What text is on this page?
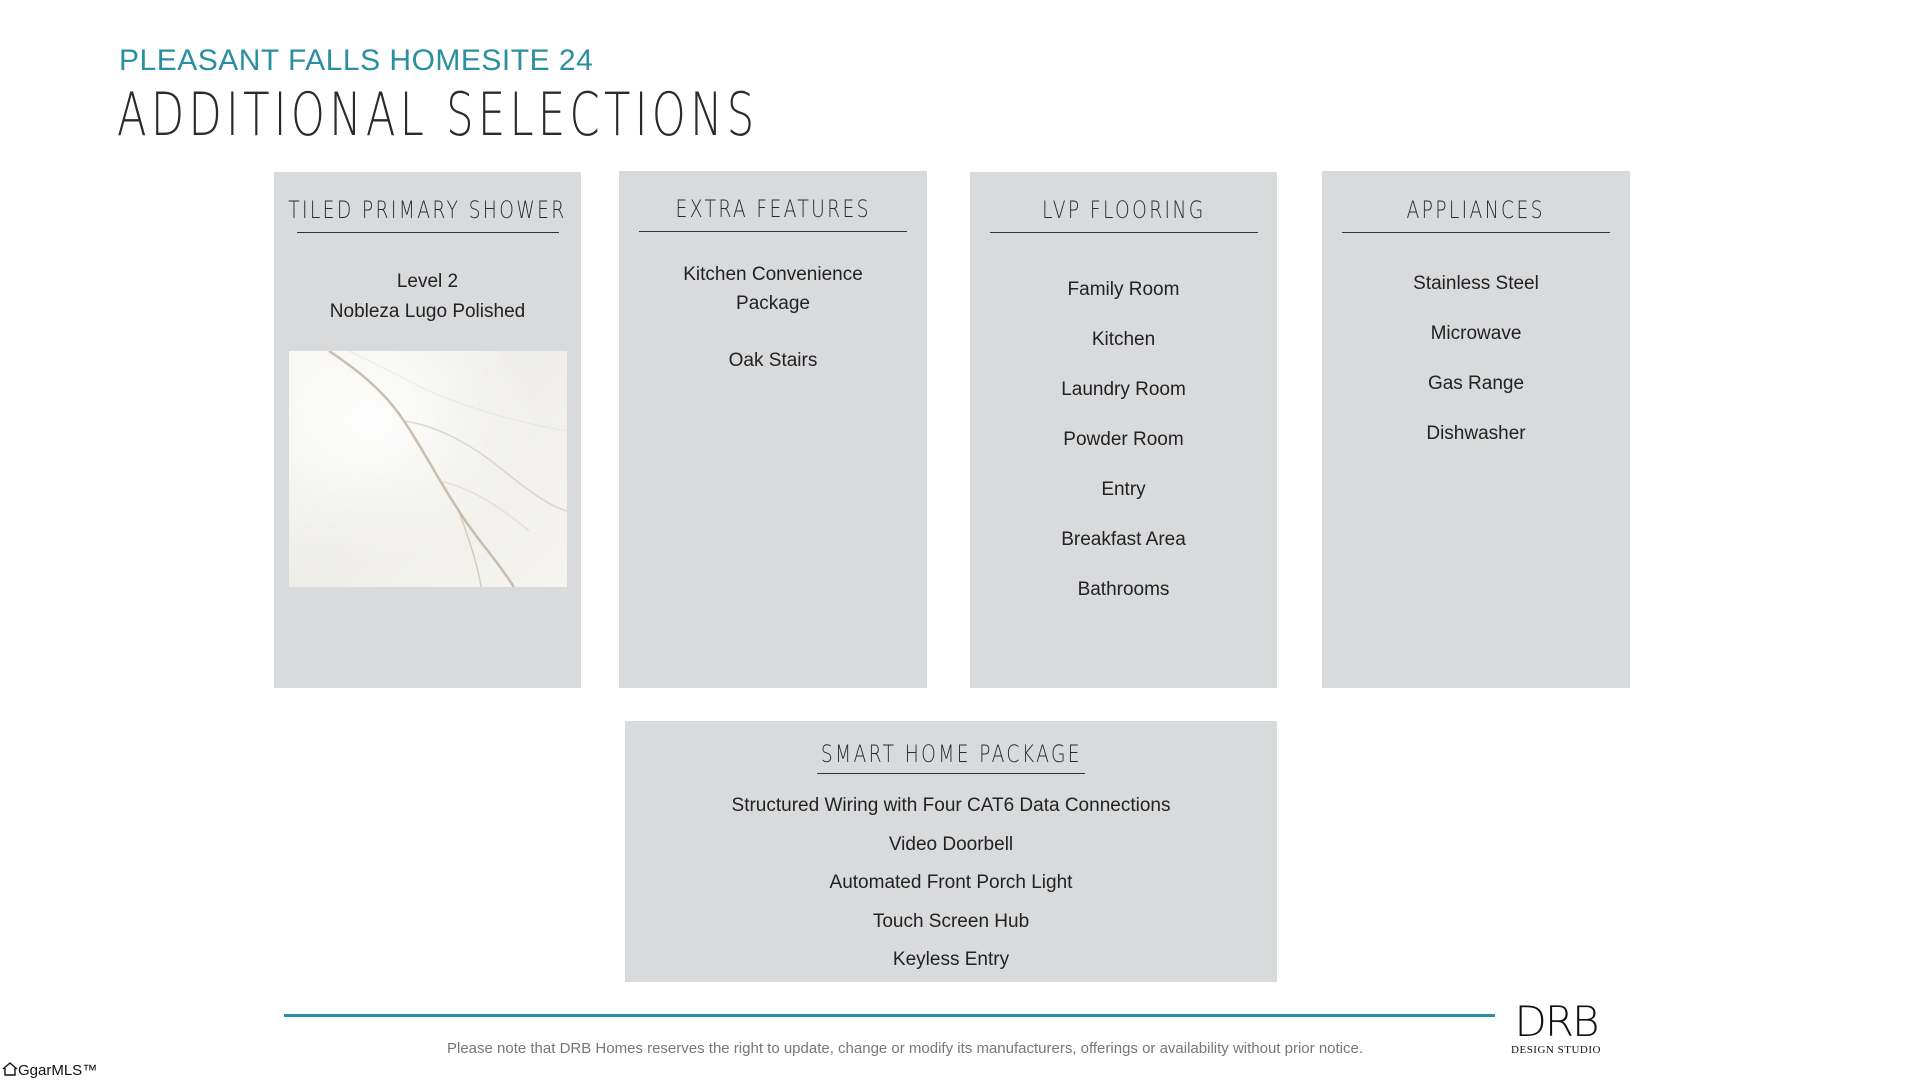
PLEASANT FALLS HOMESITE 24
ADDITIONAL SELECTIONS
TILED PRIMARY SHOWER
Level 2
Nobleza Lugo Polished
EXTRA FEATURES
Kitchen Convenience Package
Oak Stairs
LVP FLOORING
Family Room
Kitchen
Laundry Room
Powder Room
Entry
Breakfast Area
Bathrooms
APPLIANCES
Stainless Steel
Microwave
Gas Range
Dishwasher
SMART HOME PACKAGE
Structured Wiring with Four CAT6 Data Connections
Video Doorbell
Automated Front Porch Light
Touch Screen Hub
Keyless Entry
Please note that DRB Homes reserves the right to update, change or modify its manufacturers, offerings or availability without prior notice.
DRB
DESIGN STUDIO
GgarMLS™
